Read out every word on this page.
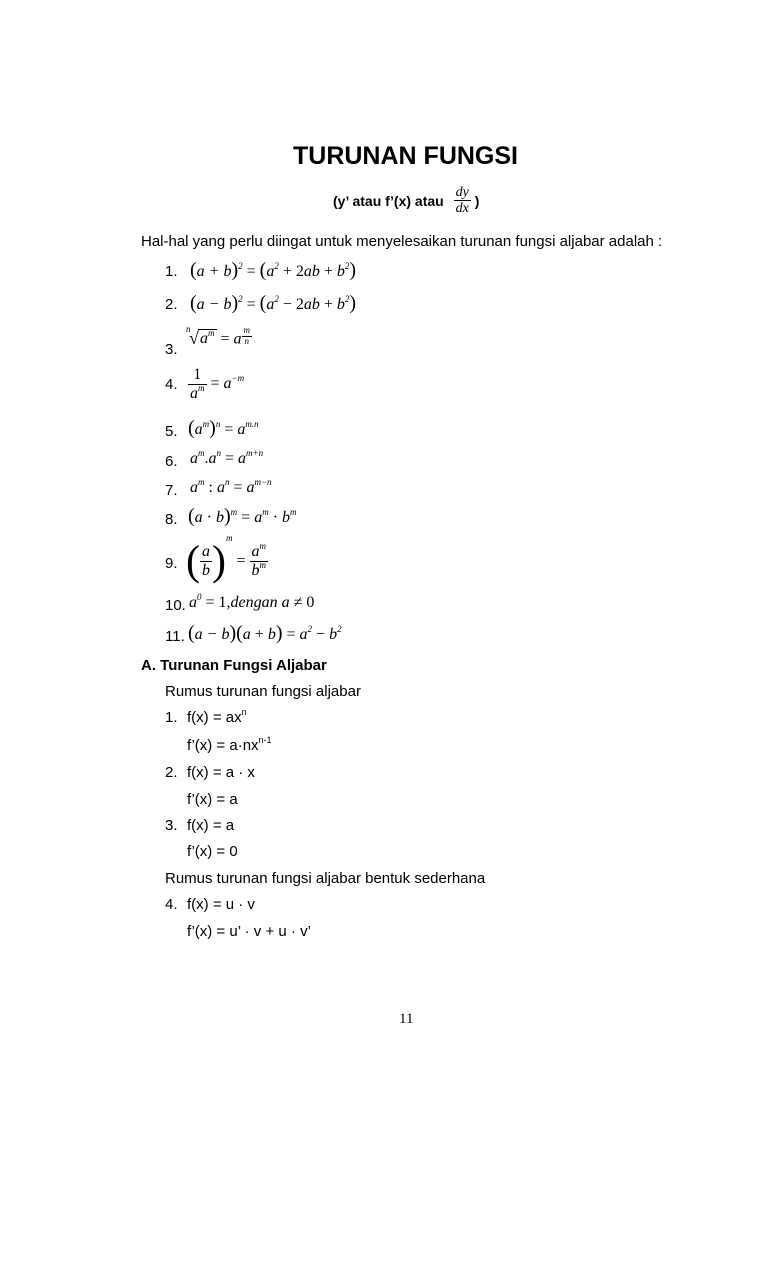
TURUNAN FUNGSI
(y’ atau f’(x) atau $\frac{dy}{dx}$ )
Hal-hal yang perlu diingat untuk menyelesaikan turunan fungsi aljabar adalah :
1. $(a + b)^2 = (a^2 + 2ab + b^2)$
2. $(a - b)^2 = (a^2 - 2ab + b^2)$
3.
n
√ $a^m = a \frac{m}{n}$
4. $\frac{1}{a^m} = a^{-m}$
5. $(a^m)^n = a^{m.n}$
6. $a^m.a^n = a^{m+n}$
7. $a^m$ : $a^n = a^{m-n}$
8. $(a \cdot b)^m = a^m \cdot b^m$
9. ( $\frac{a}{b} )^m = \frac{a^m}{b^m}$
10. $a^0$ = 1,dengan a ≠ 0
11. $(a - b)(a + b) = a^2 - b^2$
A. Turunan Fungsi Aljabar
Rumus turunan fungsi aljabar
1. $f(x) = ax^n$
f’(x) = $a\cdot nx^{n-1}$
2. f(x) = a · x
f’(x) = a
3. f(x) = a
f’(x) = 0
Rumus turunan fungsi aljabar bentuk sederhana
4. f(x) = u · v
f’(x) = u’ · v + u · v’
11
